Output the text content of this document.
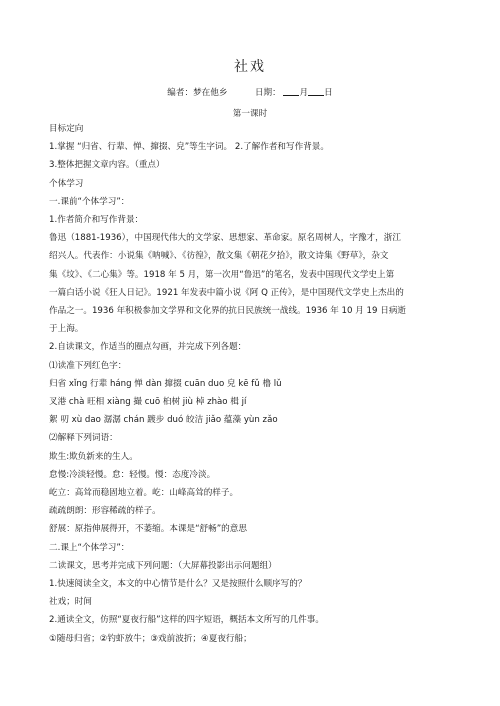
社戏
编者：梦在他乡	日期： 月 日
第一课时

目标定向

1.掌握 “归省、行辈、惮、撺掇、皃”等生字词。 2.了解作者和写作背景。

3.整体把握文章内容。（重点）

个体学习

一.课前“个体学习”：

1.作者简介和写作背景：

鲁迅（1881-1936），中国现代伟大的文学家、思想家、革命家。原名周树人，字豫才，浙江

绍兴人。代表作：小说集《呐喊》、《彷徨》，散文集《朝花夕拾》，散文诗集《野草》，杂文

集《坟》、《二心集》等。1918 年 5 月，第一次用“鲁迅”的笔名，发表中国现代文学史上第

一篇白话小说《狂人日记》。1921 年发表中篇小说《阿 Q 正传》，是中国现代文学史上杰出的

作品之一。1936 年积极参加文学界和文化界的抗日民族统一战线。1936 年 10 月 19 日病逝

于上海。

2.自读课文，作适当的圈点勾画，并完成下列各题：

⑴读准下列红色字：

归省 xǐng 行辈 háng 惮 dàn 撺掇 cuān duo 皃 kē fǔ 橹 lǔ

叉港 chà 旺相 xiàng 撮 cuō 桕树 jiù 棹 zhào 楫 jí

絮 叨 xù dao 潺潺 chán 踱步 duó 皎洁 jiǎo 蕴藻 yùn zǎo

⑵解释下列词语：

欺生:欺负新来的生人。

怠慢:冷淡轻慢。怠：轻慢。慢：态度冷淡。

屹立：高耸而稳固地立着。屹：山峰高耸的样子。

疏疏朗朗：形容稀疏的样子。

舒展：原指伸展得开，不萎缩。本课是“舒畅”的意思

二.课上“个体学习”：

二读课文，思考并完成下列问题：（大屏幕投影出示问题组）

1.快速阅读全文，本文的中心情节是什么？又是按照什么顺序写的？

社戏；时间

2.通读全文，仿照“夏夜行船”这样的四字短语，概括本文所写的几件事。

①随母归省；②钓虾放牛；③戏前波折；④夏夜行船；
